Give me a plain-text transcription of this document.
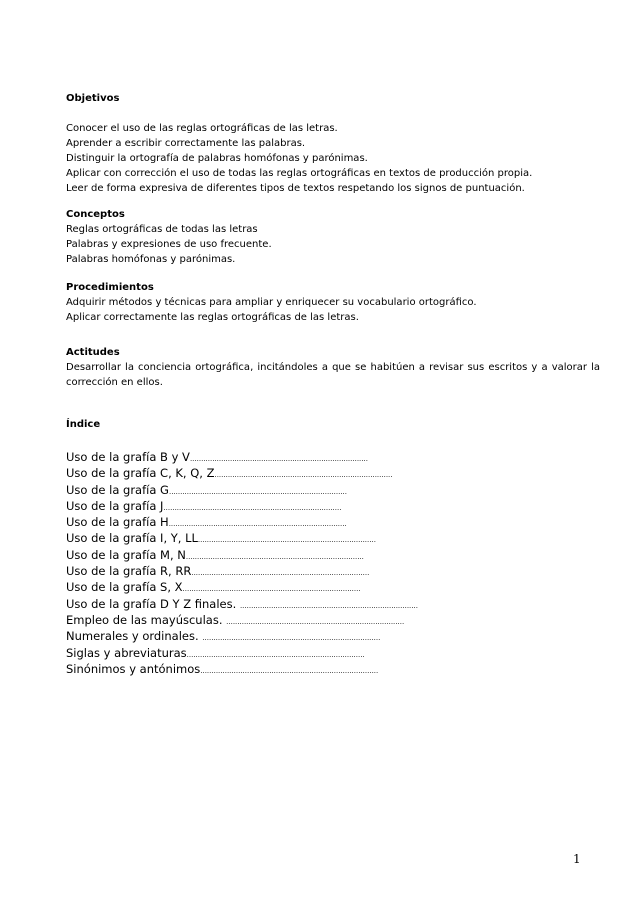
Objetivos

Conocer el uso de las reglas ortográficas de las letras.

Aprender a escribir correctamente las palabras.

Distinguir la ortografía de palabras homófonas y parónimas.

Aplicar con corrección el uso de todas las reglas ortográficas en textos de producción propia.

Leer de forma expresiva de diferentes tipos de textos respetando los signos de puntuación.

Conceptos

Reglas ortográficas de todas las letras

Palabras y expresiones de uso frecuente.

Palabras homófonas y parónimas.

Procedimientos

Adquirir métodos y técnicas para ampliar y enriquecer su vocabulario ortográfico.

Aplicar correctamente las reglas ortográficas de las letras.

Actitudes

Desarrollar la conciencia ortográfica, incitándoles a que se habitúen a revisar sus escritos y a valorar la corrección en ellos.

Índice

Uso de la grafía B y V................................................................................
Uso de la grafía C, K, Q, Z................................................................................
Uso de la grafía G................................................................................
Uso de la grafía J................................................................................
Uso de la grafía H................................................................................
Uso de la grafía I, Y, LL................................................................................
Uso de la grafía M, N................................................................................
Uso de la grafía R, RR................................................................................
Uso de la grafía S, X................................................................................
Uso de la grafía D Y Z finales. ................................................................................
Empleo de las mayúsculas. ................................................................................
Numerales y ordinales. ................................................................................
Siglas y abreviaturas................................................................................
Sinónimos y antónimos................................................................................
1
